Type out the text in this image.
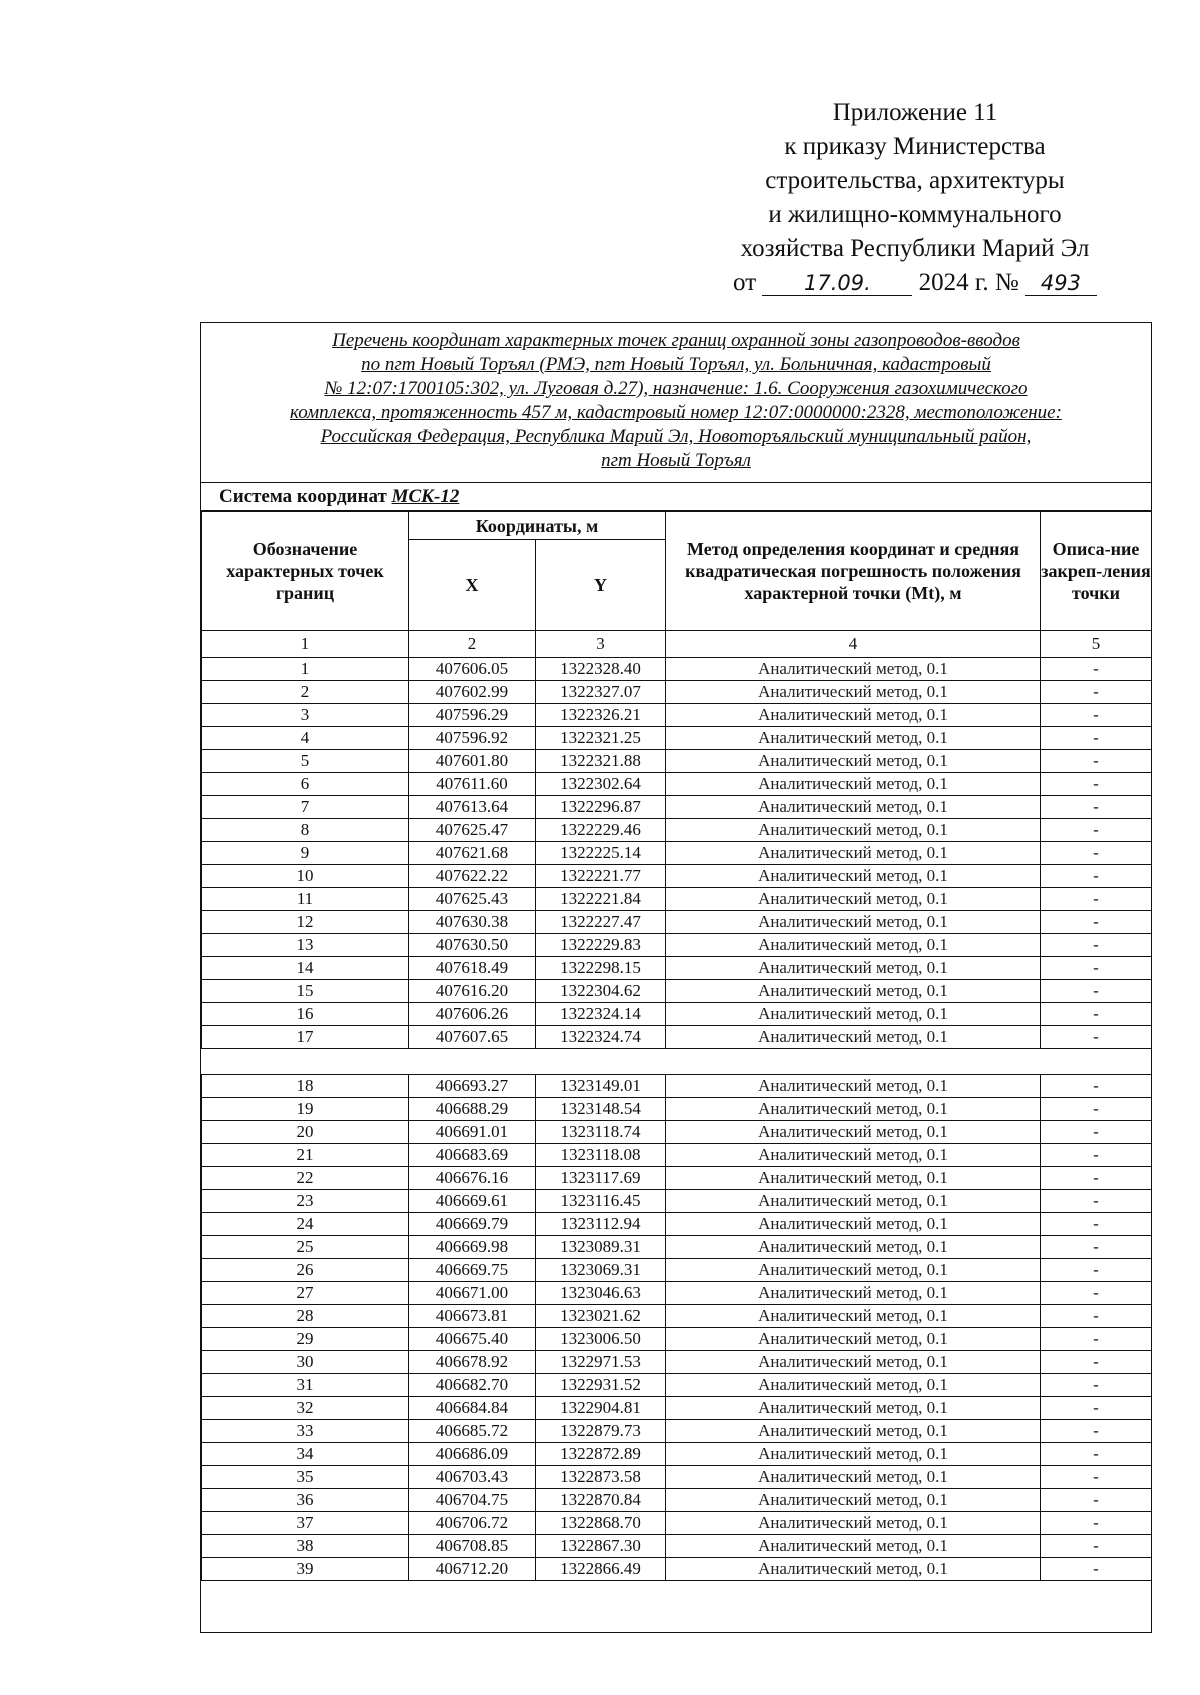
Приложение 11
к приказу Министерства
строительства, архитектуры
и жилищно-коммунального
хозяйства Республики Марий Эл
от 17.09. 2024 г. № 493
Перечень координат характерных точек границ охранной зоны газопроводов-вводов
по пгт Новый Торъял (РМЭ, пгт Новый Торъял, ул. Больничная, кадастровый
№ 12:07:1700105:302, ул. Луговая д.27), назначение: 1.6. Сооружения газохимического
комплекса, протяженность 457 м, кадастровый номер 12:07:0000000:2328, местоположение:
Российская Федерация, Республика Марий Эл, Новоторъяльский муниципальный район,
пгт Новый Торъял
Система координат МСК-12
Обозначение характерных точек границ	Координаты, м		Метод определения координат и средняя квадратическая погрешность положения характерной точки (Mt), м	Описа-ние закреп-ления точки
	X	Y		
1	2	3	4	5
1	407606.05	1322328.40	Аналитический метод, 0.1	-
2	407602.99	1322327.07	Аналитический метод, 0.1	-
3	407596.29	1322326.21	Аналитический метод, 0.1	-
4	407596.92	1322321.25	Аналитический метод, 0.1	-
5	407601.80	1322321.88	Аналитический метод, 0.1	-
6	407611.60	1322302.64	Аналитический метод, 0.1	-
7	407613.64	1322296.87	Аналитический метод, 0.1	-
8	407625.47	1322229.46	Аналитический метод, 0.1	-
9	407621.68	1322225.14	Аналитический метод, 0.1	-
10	407622.22	1322221.77	Аналитический метод, 0.1	-
11	407625.43	1322221.84	Аналитический метод, 0.1	-
12	407630.38	1322227.47	Аналитический метод, 0.1	-
13	407630.50	1322229.83	Аналитический метод, 0.1	-
14	407618.49	1322298.15	Аналитический метод, 0.1	-
15	407616.20	1322304.62	Аналитический метод, 0.1	-
16	407606.26	1322324.14	Аналитический метод, 0.1	-
17	407607.65	1322324.74	Аналитический метод, 0.1	-

18	406693.27	1323149.01	Аналитический метод, 0.1	-
19	406688.29	1323148.54	Аналитический метод, 0.1	-
20	406691.01	1323118.74	Аналитический метод, 0.1	-
21	406683.69	1323118.08	Аналитический метод, 0.1	-
22	406676.16	1323117.69	Аналитический метод, 0.1	-
23	406669.61	1323116.45	Аналитический метод, 0.1	-
24	406669.79	1323112.94	Аналитический метод, 0.1	-
25	406669.98	1323089.31	Аналитический метод, 0.1	-
26	406669.75	1323069.31	Аналитический метод, 0.1	-
27	406671.00	1323046.63	Аналитический метод, 0.1	-
28	406673.81	1323021.62	Аналитический метод, 0.1	-
29	406675.40	1323006.50	Аналитический метод, 0.1	-
30	406678.92	1322971.53	Аналитический метод, 0.1	-
31	406682.70	1322931.52	Аналитический метод, 0.1	-
32	406684.84	1322904.81	Аналитический метод, 0.1	-
33	406685.72	1322879.73	Аналитический метод, 0.1	-
34	406686.09	1322872.89	Аналитический метод, 0.1	-
35	406703.43	1322873.58	Аналитический метод, 0.1	-
36	406704.75	1322870.84	Аналитический метод, 0.1	-
37	406706.72	1322868.70	Аналитический метод, 0.1	-
38	406708.85	1322867.30	Аналитический метод, 0.1	-
39	406712.20	1322866.49	Аналитический метод, 0.1	-
